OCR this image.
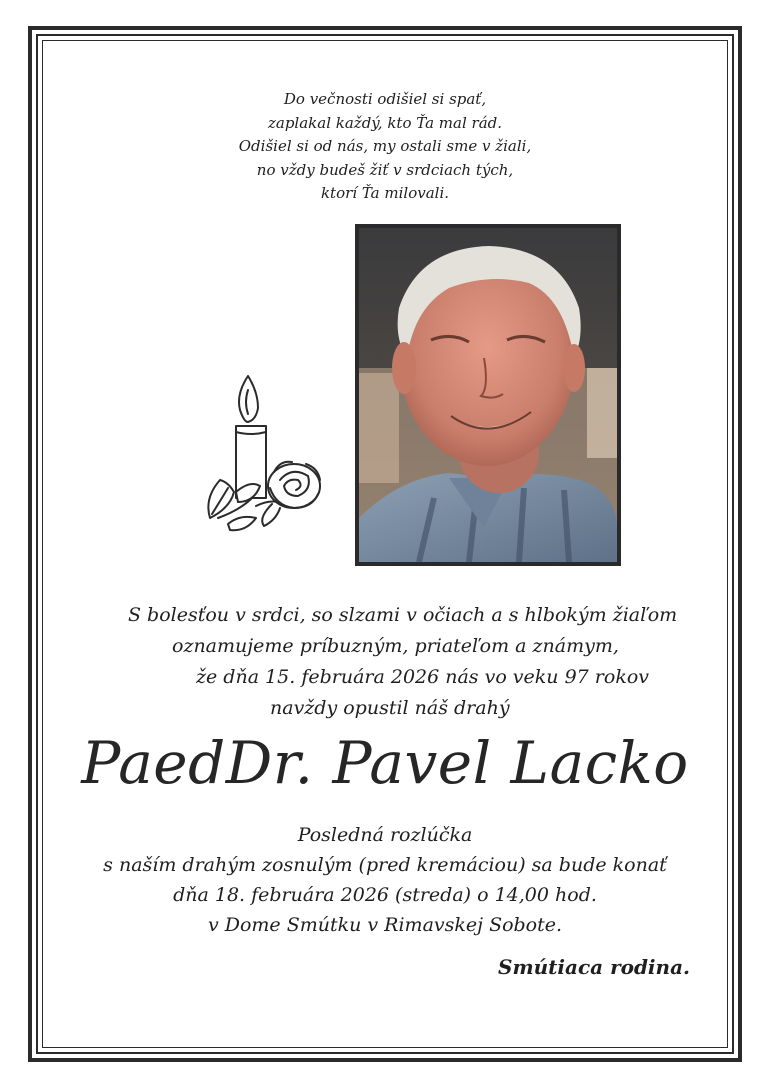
Do večnosti odišiel si spať,
zaplakal každý, kto Ťa mal rád.
Odišiel si od nás, my ostali sme v žiali,
no vždy budeš žiť v srdciach tých,
ktorí Ťa milovali.
S bolesťou v srdci, so slzami v očiach a s hlbokým žiaľom
oznamujeme príbuzným, priateľom a známym,
že dňa 15. februára 2026 nás vo veku 97 rokov
navždy opustil náš drahý
PaedDr. Pavel Lacko
Posledná rozlúčka
s naším drahým zosnulým (pred kremáciou) sa bude konať
dňa 18. februára 2026 (streda) o 14,00 hod.
v Dome Smútku v Rimavskej Sobote.
Smútiaca rodina.
